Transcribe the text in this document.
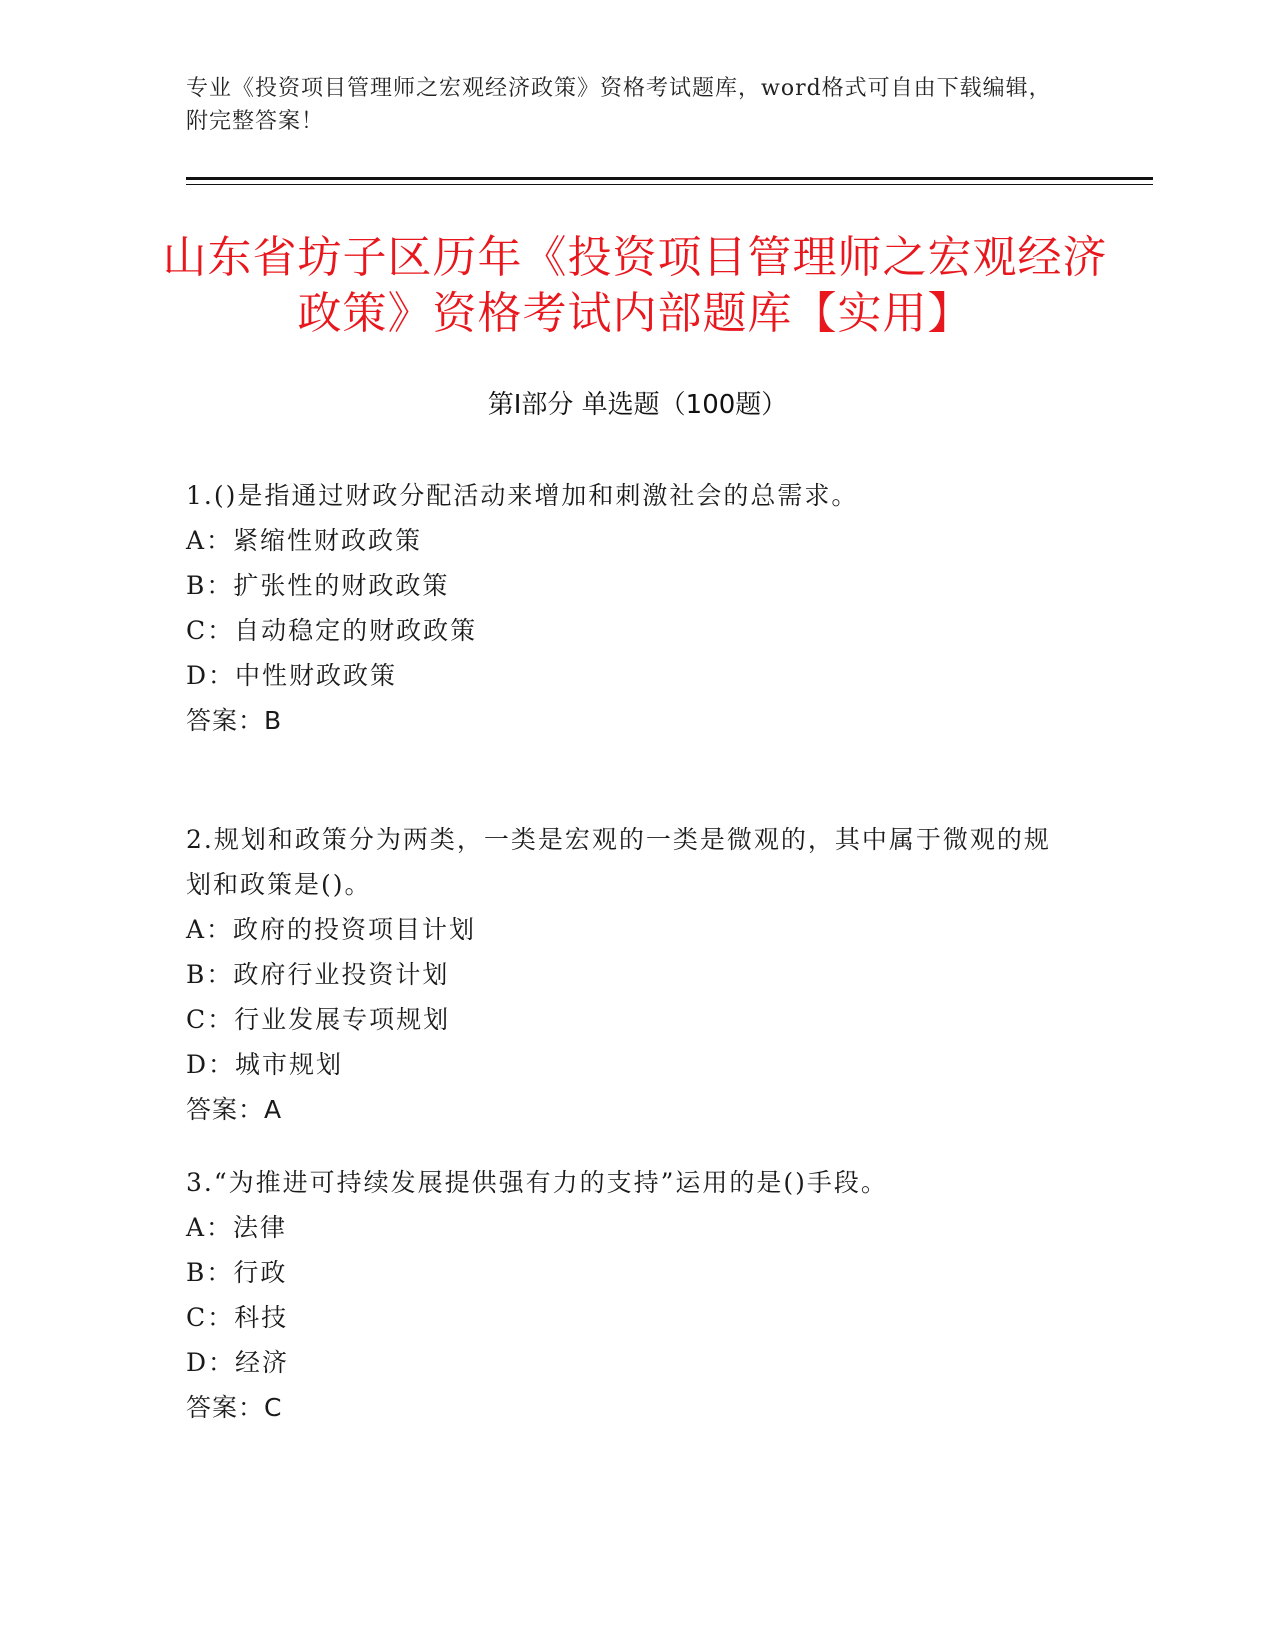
专业《投资项目管理师之宏观经济政策》资格考试题库，word格式可自由下载编辑，附完整答案！
山东省坊子区历年《投资项目管理师之宏观经济政策》资格考试内部题库【实用】
第Ⅰ部分 单选题（100题）
1.()是指通过财政分配活动来增加和刺激社会的总需求。
A：紧缩性财政政策
B：扩张性的财政政策
C：自动稳定的财政政策
D：中性财政政策
答案：B
2.规划和政策分为两类，一类是宏观的一类是微观的，其中属于微观的规划和政策是()。
A：政府的投资项目计划
B：政府行业投资计划
C：行业发展专项规划
D：城市规划
答案：A
3.“为推进可持续发展提供强有力的支持”运用的是()手段。
A：法律
B：行政
C：科技
D：经济
答案：C
